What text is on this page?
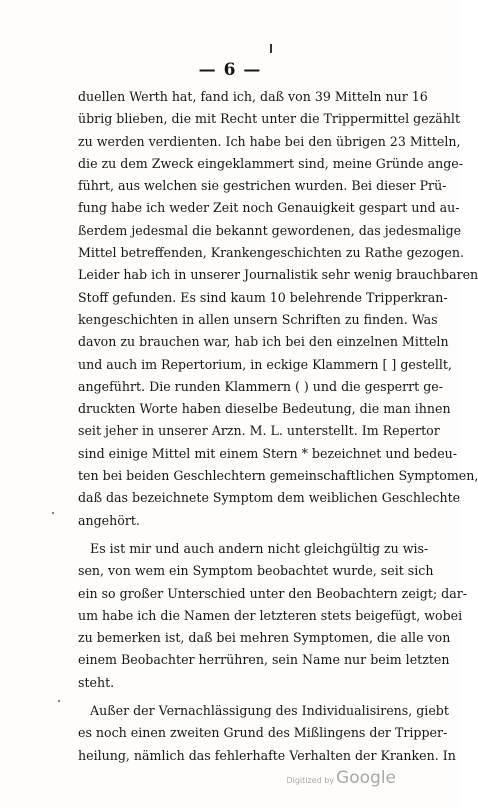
— 6 —
duellen Werth hat, fand ich, daß von 39 Mitteln nur 16
übrig blieben, die mit Recht unter die Trippermittel gezählt
zu werden verdienten. Ich habe bei den übrigen 23 Mitteln,
die zu dem Zweck eingeklammert sind, meine Gründe ange-
führt, aus welchen sie gestrichen wurden. Bei dieser Prü-
fung habe ich weder Zeit noch Genauigkeit gespart und au-
ßerdem jedesmal die bekannt gewordenen, das jedesmalige
Mittel betreffenden, Krankengeschichten zu Rathe gezogen.
Leider hab ich in unserer Journalistik sehr wenig brauchbaren
Stoff gefunden. Es sind kaum 10 belehrende Tripperkran-
kengeschichten in allen unsern Schriften zu finden. Was
davon zu brauchen war, hab ich bei den einzelnen Mitteln
und auch im Repertorium, in eckige Klammern [ ] gestellt,
angeführt. Die runden Klammern ( ) und die gesperrt ge-
druckten Worte haben dieselbe Bedeutung, die man ihnen
seit jeher in unserer Arzn. M. L. unterstellt. Im Repertor
sind einige Mittel mit einem Stern * bezeichnet und bedeu-
ten bei beiden Geschlechtern gemeinschaftlichen Symptomen,
daß das bezeichnete Symptom dem weiblichen Geschlechte
angehört.
Es ist mir und auch andern nicht gleichgültig zu wis-
sen, von wem ein Symptom beobachtet wurde, seit sich
ein so großer Unterschied unter den Beobachtern zeigt; dar-
um habe ich die Namen der letzteren stets beigefügt, wobei
zu bemerken ist, daß bei mehren Symptomen, die alle von
einem Beobachter herrühren, sein Name nur beim letzten
steht.
Außer der Vernachlässigung des Individualisirens, giebt
es noch einen zweiten Grund des Mißlingens der Tripper-
heilung, nämlich das fehlerhafte Verhalten der Kranken. In
Digitized by Google
